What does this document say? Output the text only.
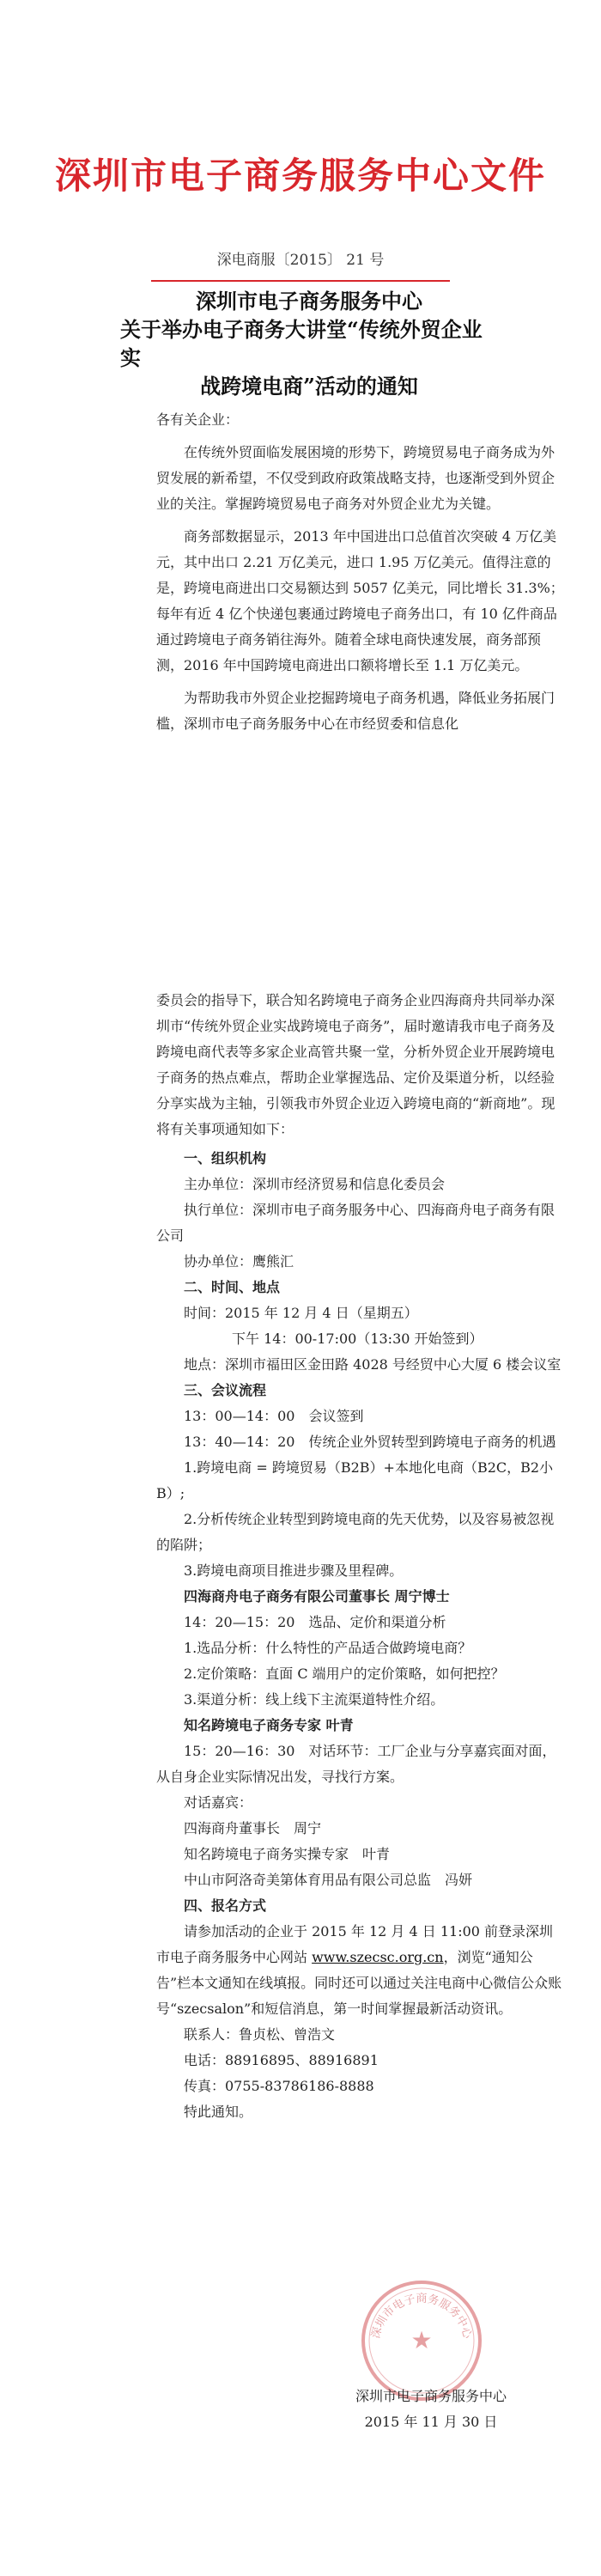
深圳市电子商务服务中心文件
深电商服〔2015〕 21 号
深圳市电子商务服务中心
关于举办电子商务大讲堂“传统外贸企业实
战跨境电商”活动的通知

各有关企业：

在传统外贸面临发展困境的形势下，跨境贸易电子商务成为外贸发展的新希望，不仅受到政府政策战略支持，也逐渐受到外贸企业的关注。掌握跨境贸易电子商务对外贸企业尤为关键。

商务部数据显示，2013 年中国进出口总值首次突破 4 万亿美元，其中出口 2.21 万亿美元，进口 1.95 万亿美元。值得注意的是，跨境电商进出口交易额达到 5057 亿美元，同比增长 31.3%；每年有近 4 亿个快递包裹通过跨境电子商务出口，有 10 亿件商品通过跨境电子商务销往海外。随着全球电商快速发展，商务部预测，2016 年中国跨境电商进出口额将增长至 1.1 万亿美元。

为帮助我市外贸企业挖掘跨境电子商务机遇，降低业务拓展门槛，深圳市电子商务服务中心在市经贸委和信息化

委员会的指导下，联合知名跨境电子商务企业四海商舟共同举办深圳市“传统外贸企业实战跨境电子商务”，届时邀请我市电子商务及跨境电商代表等多家企业高管共聚一堂，分析外贸企业开展跨境电子商务的热点难点，帮助企业掌握选品、定价及渠道分析，以经验分享实战为主轴，引领我市外贸企业迈入跨境电商的“新商地”。现将有关事项通知如下：

一、组织机构

主办单位：深圳市经济贸易和信息化委员会

执行单位：深圳市电子商务服务中心、四海商舟电子商务有限公司

协办单位：鹰熊汇

二、时间、地点

时间：2015 年 12 月 4 日（星期五）

下午 14：00-17:00（13:30 开始签到）

地点：深圳市福田区金田路 4028 号经贸中心大厦 6 楼会议室

三、会议流程

13：00—14：00　会议签到

13：40—14：20　传统企业外贸转型到跨境电子商务的机遇

1.跨境电商 = 跨境贸易（B2B）+本地化电商（B2C，B2小 B）;

2.分析传统企业转型到跨境电商的先天优势，以及容易被忽视的陷阱；

3.跨境电商项目推进步骤及里程碑。

四海商舟电子商务有限公司董事长 周宁博士

14：20—15：20　选品、定价和渠道分析

1.选品分析：什么特性的产品适合做跨境电商？

2.定价策略：直面 C 端用户的定价策略，如何把控？

3.渠道分析：线上线下主流渠道特性介绍。

知名跨境电子商务专家 叶青

15：20—16：30　对话环节：工厂企业与分享嘉宾面对面，从自身企业实际情况出发，寻找行方案。

对话嘉宾：

四海商舟董事长　周宁

知名跨境电子商务实操专家　叶青

中山市阿洛奇美第体育用品有限公司总监　冯妍

四、报名方式

请参加活动的企业于 2015 年 12 月 4 日 11:00 前登录深圳市电子商务服务中心网站 www.szecsc.org.cn，浏览“通知公告”栏本文通知在线填报。同时还可以通过关注电商中心微信公众账号“szecsalon”和短信消息，第一时间掌握最新活动资讯。

联系人：鲁贞松、曾浩文

电话：88916895、88916891

传真：0755-83786186-8888

特此通知。

★
深圳市电子商务服务中心
深圳市电子商务服务中心
2015 年 11 月 30 日
